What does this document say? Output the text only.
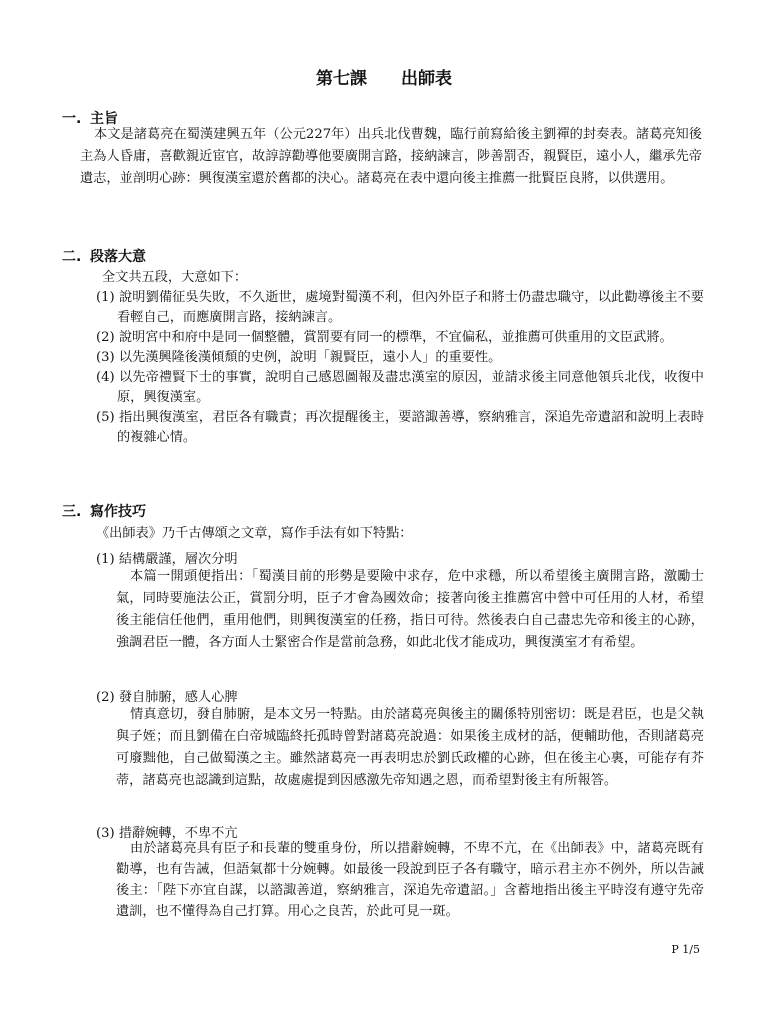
第七課　　出師表
一. 主旨

本文是諸葛亮在蜀漢建興五年（公元227年）出兵北伐曹魏，臨行前寫給後主劉禪的封奏表。諸葛亮知後主為人昏庸，喜歡親近宦官，故諄諄勸導他要廣開言路，接納諫言，陟善罰否，親賢臣，遠小人，繼承先帝遺志，並剖明心跡：興復漢室還於舊都的決心。諸葛亮在表中還向後主推薦一批賢臣良將，以供選用。

二. 段落大意
全文共五段，大意如下：
(1) 說明劉備征吳失敗，不久逝世，處境對蜀漢不利，但內外臣子和將士仍盡忠職守，以此勸導後主不要看輕自己，而應廣開言路，接納諫言。
(2) 說明宮中和府中是同一個整體，賞罰要有同一的標準，不宜偏私，並推薦可供重用的文臣武將。
(3) 以先漢興隆後漢傾頹的史例，說明「親賢臣，遠小人」的重要性。
(4) 以先帝禮賢下士的事實，說明自己感恩圖報及盡忠漢室的原因，並請求後主同意他領兵北伐，收復中原，興復漢室。
(5) 指出興復漢室，君臣各有職責；再次提醒後主，要諮諏善導，察納雅言，深追先帝遺詔和說明上表時的複雜心情。
三. 寫作技巧
《出師表》乃千古傳頌之文章，寫作手法有如下特點：
(1) 結構嚴謹，層次分明

本篇一開頭便指出：「蜀漢目前的形勢是要險中求存，危中求穩，所以希望後主廣開言路，激勵士氣，同時要施法公正，賞罰分明，臣子才會為國效命；接著向後主推薦宮中營中可任用的人材，希望後主能信任他們，重用他們，則興復漢室的任務，指日可待。然後表白自己盡忠先帝和後主的心跡，強調君臣一體，各方面人士緊密合作是當前急務，如此北伐才能成功，興復漢室才有希望。

(2) 發自肺腑，感人心脾

情真意切，發自肺腑，是本文另一特點。由於諸葛亮與後主的關係特別密切：既是君臣，也是父執與子姪；而且劉備在白帝城臨終托孤時曾對諸葛亮說過：如果後主成材的話，便輔助他，否則諸葛亮可廢黜他，自己做蜀漢之主。雖然諸葛亮一再表明忠於劉氏政權的心跡，但在後主心裏，可能存有芥蒂，諸葛亮也認識到這點，故處處提到因感激先帝知遇之恩，而希望對後主有所報答。

(3) 措辭婉轉，不卑不亢

由於諸葛亮具有臣子和長輩的雙重身份，所以措辭婉轉，不卑不亢，在《出師表》中，諸葛亮既有勸導，也有告誡，但語氣都十分婉轉。如最後一段說到臣子各有職守，暗示君主亦不例外，所以告誡後主：「陛下亦宜自謀，以諮諏善道，察納雅言，深追先帝遺詔。」含蓄地指出後主平時沒有遵守先帝遺訓，也不懂得為自己打算。用心之良苦，於此可見一斑。

P 1/5
